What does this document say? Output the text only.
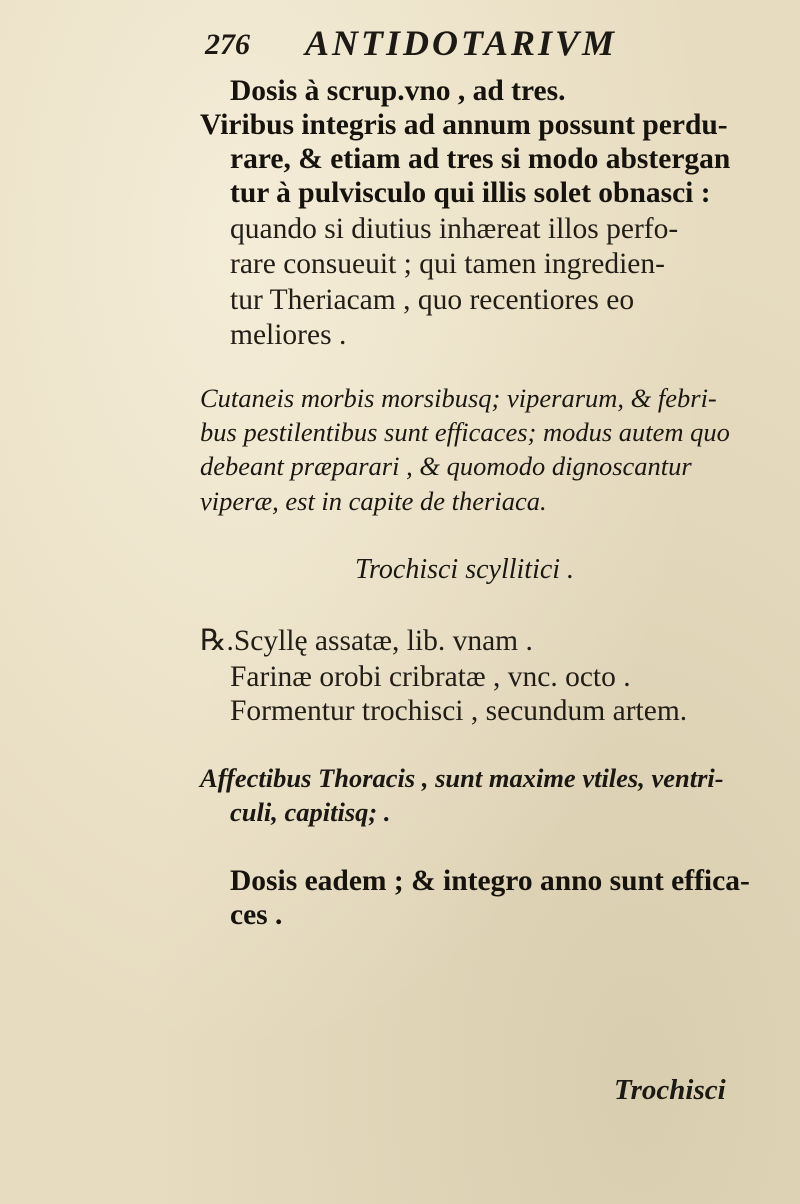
276 ANTIDOTARIVM
Dosis à scrup.vno , ad tres.
Viribus integris ad annum possunt perdu-
rare, & etiam ad tres si modo abstergan
tur à pulvisculo qui illis solet obnasci :
quando si diutius inhæreat illos perfo-
rare consueuit ; qui tamen ingredien-
tur Theriacam , quo recentiores eo
meliores .
Cutaneis morbis morsibusq; viperarum, & febri-
bus pestilentibus sunt efficaces; modus autem quo
debeant præparari , & quomodo dignoscantur
viperæ, est in capite de theriaca.
Trochisci scyllitici .
℞.Scyllę assatæ, lib. vnam .
Farinæ orobi cribratæ , vnc. octo .
Formentur trochisci , secundum artem.
Affectibus Thoracis , sunt maxime vtiles, ventri-
culi, capitisq; .
Dosis eadem ; & integro anno sunt effica-
ces .
Trochisci
